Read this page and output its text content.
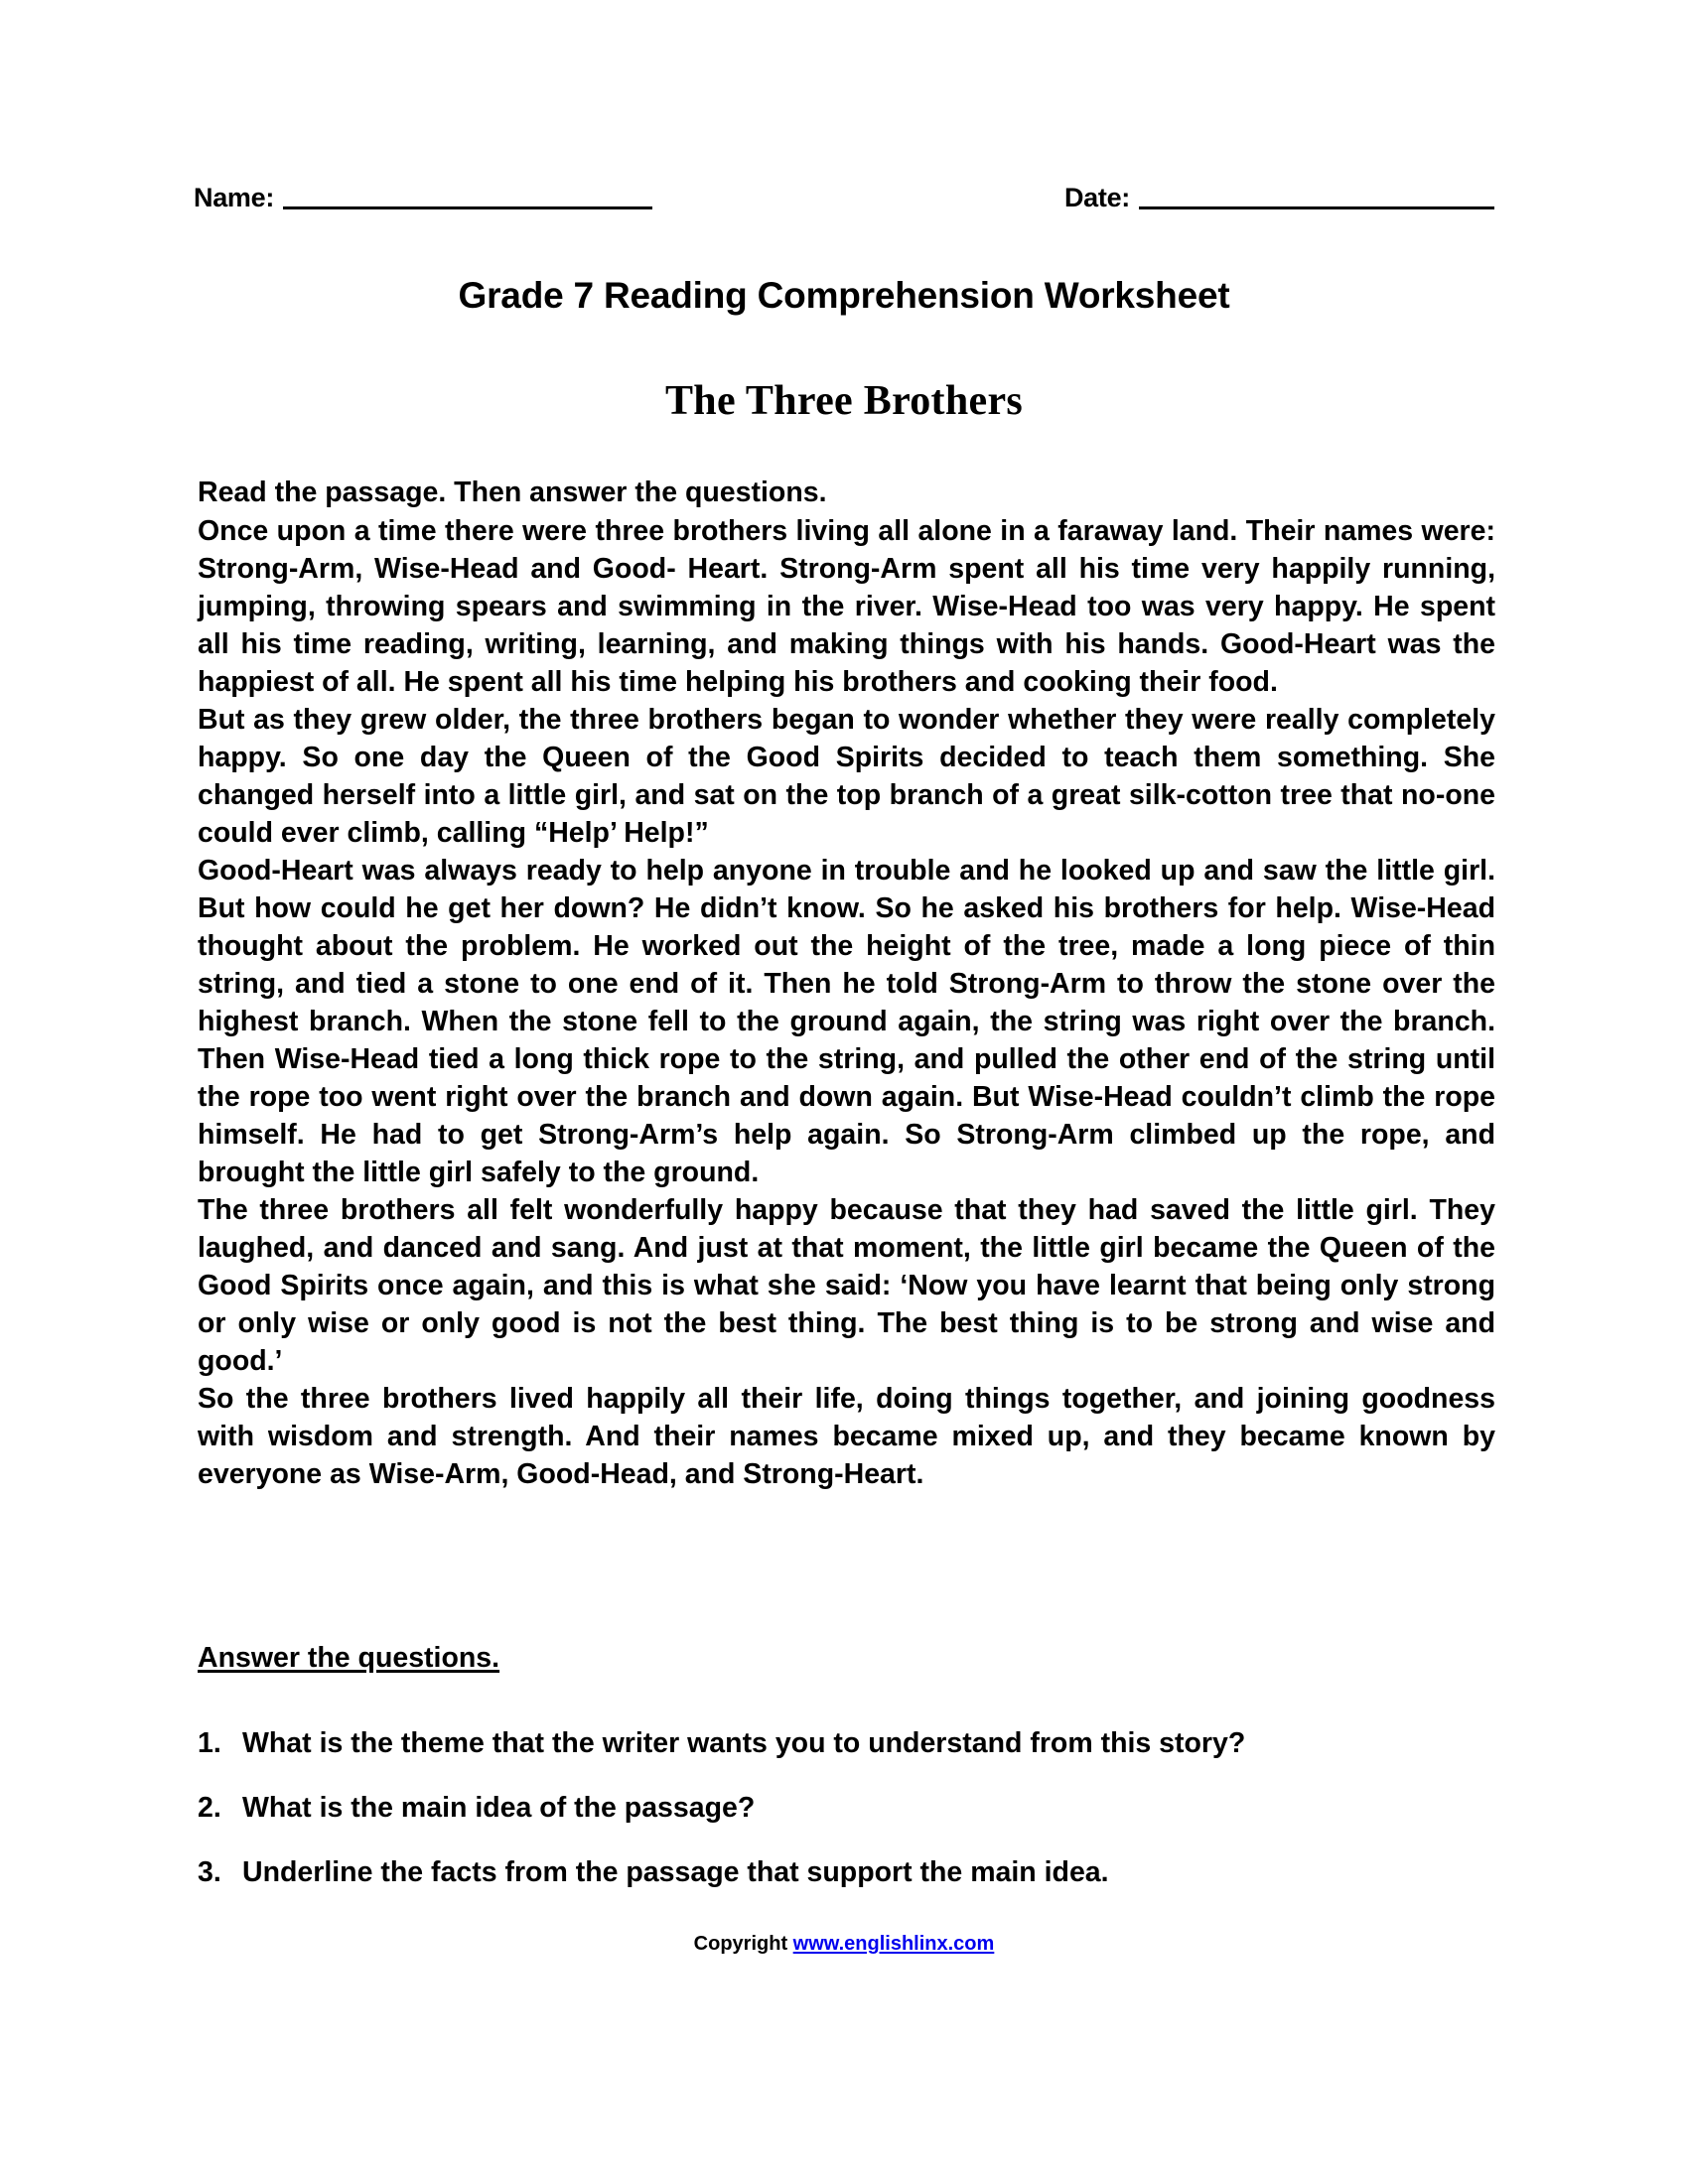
Name:	Date:
Grade 7 Reading Comprehension Worksheet
The Three Brothers

Read the passage. Then answer the questions.

Once upon a time there were three brothers living all alone in a faraway land. Their names were: Strong-Arm, Wise-Head and Good- Heart. Strong-Arm spent all his time very happily running, jumping, throwing spears and swimming in the river. Wise-Head too was very happy. He spent all his time reading, writing, learning, and making things with his hands. Good-Heart was the happiest of all. He spent all his time helping his brothers and cooking their food.

But as they grew older, the three brothers began to wonder whether they were really completely happy. So one day the Queen of the Good Spirits decided to teach them something. She changed herself into a little girl, and sat on the top branch of a great silk-cotton tree that no-one could ever climb, calling “Help’ Help!”

Good-Heart was always ready to help anyone in trouble and he looked up and saw the little girl. But how could he get her down? He didn’t know. So he asked his brothers for help. Wise-Head thought about the problem. He worked out the height of the tree, made a long piece of thin string, and tied a stone to one end of it. Then he told Strong-Arm to throw the stone over the highest branch. When the stone fell to the ground again, the string was right over the branch. Then Wise-Head tied a long thick rope to the string, and pulled the other end of the string until the rope too went right over the branch and down again. But Wise-Head couldn’t climb the rope himself. He had to get Strong-Arm’s help again. So Strong-Arm climbed up the rope, and brought the little girl safely to the ground.

The three brothers all felt wonderfully happy because that they had saved the little girl. They laughed, and danced and sang. And just at that moment, the little girl became the Queen of the Good Spirits once again, and this is what she said: ‘Now you have learnt that being only strong or only wise or only good is not the best thing. The best thing is to be strong and wise and good.’

So the three brothers lived happily all their life, doing things together, and joining goodness with wisdom and strength. And their names became mixed up, and they became known by everyone as Wise-Arm, Good-Head, and Strong-Heart.

Answer the questions.
1. What is the theme that the writer wants you to understand from this story?
2. What is the main idea of the passage?
3. Underline the facts from the passage that support the main idea.
Copyright www.englishlinx.com
